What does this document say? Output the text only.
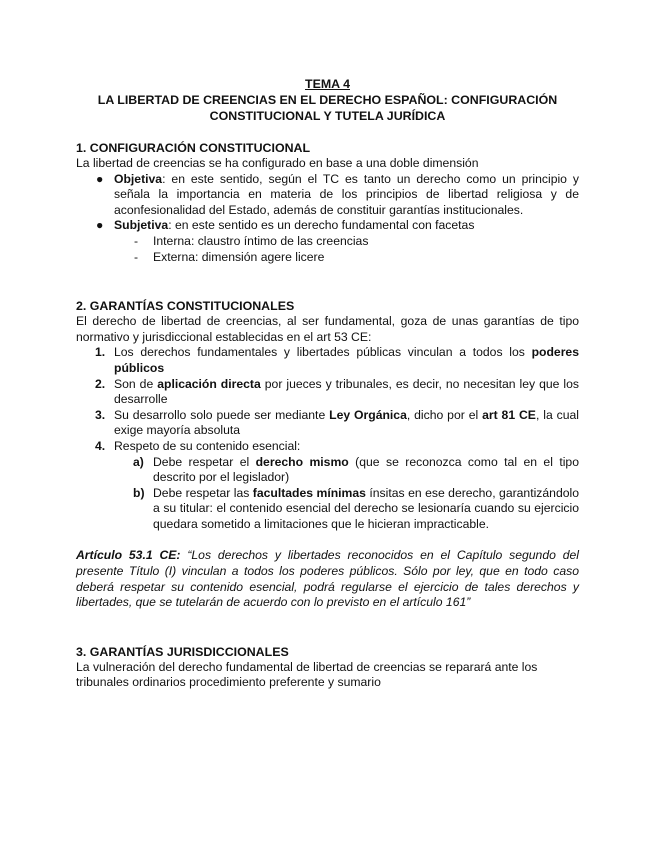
TEMA 4
LA LIBERTAD DE CREENCIAS EN EL DERECHO ESPAÑOL: CONFIGURACIÓN
CONSTITUCIONAL Y TUTELA JURÍDICA
1. CONFIGURACIÓN CONSTITUCIONAL

La libertad de creencias se ha configurado en base a una doble dimensión

● Objetiva: en este sentido, según el TC es tanto un derecho como un principio y señala la importancia en materia de los principios de libertad religiosa y de aconfesionalidad del Estado, además de constituir garantías institucionales.
● Subjetiva: en este sentido es un derecho fundamental con facetas
- Interna: claustro íntimo de las creencias
- Externa: dimensión agere licere
2. GARANTÍAS CONSTITUCIONALES

El derecho de libertad de creencias, al ser fundamental, goza de unas garantías de tipo normativo y jurisdiccional establecidas en el art 53 CE:

1. Los derechos fundamentales y libertades públicas vinculan a todos los poderes públicos
2. Son de aplicación directa por jueces y tribunales, es decir, no necesitan ley que los desarrolle
3. Su desarrollo solo puede ser mediante Ley Orgánica, dicho por el art 81 CE, la cual exige mayoría absoluta
4. Respeto de su contenido esencial:
a) Debe respetar el derecho mismo (que se reconozca como tal en el tipo descrito por el legislador)
b) Debe respetar las facultades mínimas ínsitas en ese derecho, garantizándolo a su titular: el contenido esencial del derecho se lesionaría cuando su ejercicio quedara sometido a limitaciones que le hicieran impracticable.

Artículo 53.1 CE: “Los derechos y libertades reconocidos en el Capítulo segundo del presente Título (I) vinculan a todos los poderes públicos. Sólo por ley, que en todo caso deberá respetar su contenido esencial, podrá regularse el ejercicio de tales derechos y libertades, que se tutelarán de acuerdo con lo previsto en el artículo 161”

3. GARANTÍAS JURISDICCIONALES

La vulneración del derecho fundamental de libertad de creencias se reparará ante los tribunales ordinarios procedimiento preferente y sumario
